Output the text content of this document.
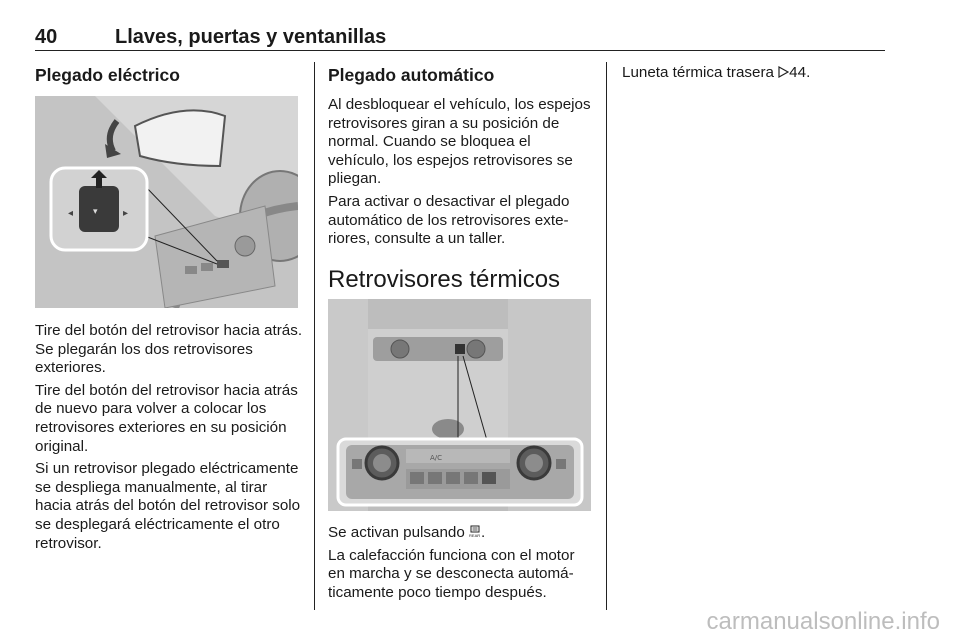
40	Llaves, puertas y ventanillas
Plegado eléctrico
◂	▸
▾

Tire del botón del retrovisor hacia atrás. Se plegarán los dos retrovisores exteriores.

Tire del botón del retrovisor hacia atrás de nuevo para volver a colocar los retrovisores exteriores en su posición original.

Si un retrovisor plegado eléctricamente se despliega manualmente, al tirar hacia atrás del botón del retrovisor solo se desplegará eléctricamente el otro retrovisor.

Plegado automático

Al desbloquear el vehículo, los espejos retrovisores giran a su posición de normal. Cuando se bloquea el vehículo, los espejos retrovisores se pliegan.

Para activar o desactivar el plegado automático de los retrovisores exteriores, consulte a un taller.

Retrovisores térmicos
A/C

Se activan pulsando REAR .

La calefacción funciona con el motor en marcha y se desconecta automáticamente poco tiempo después.

Luneta térmica trasera 44.

carmanualsonline.info
